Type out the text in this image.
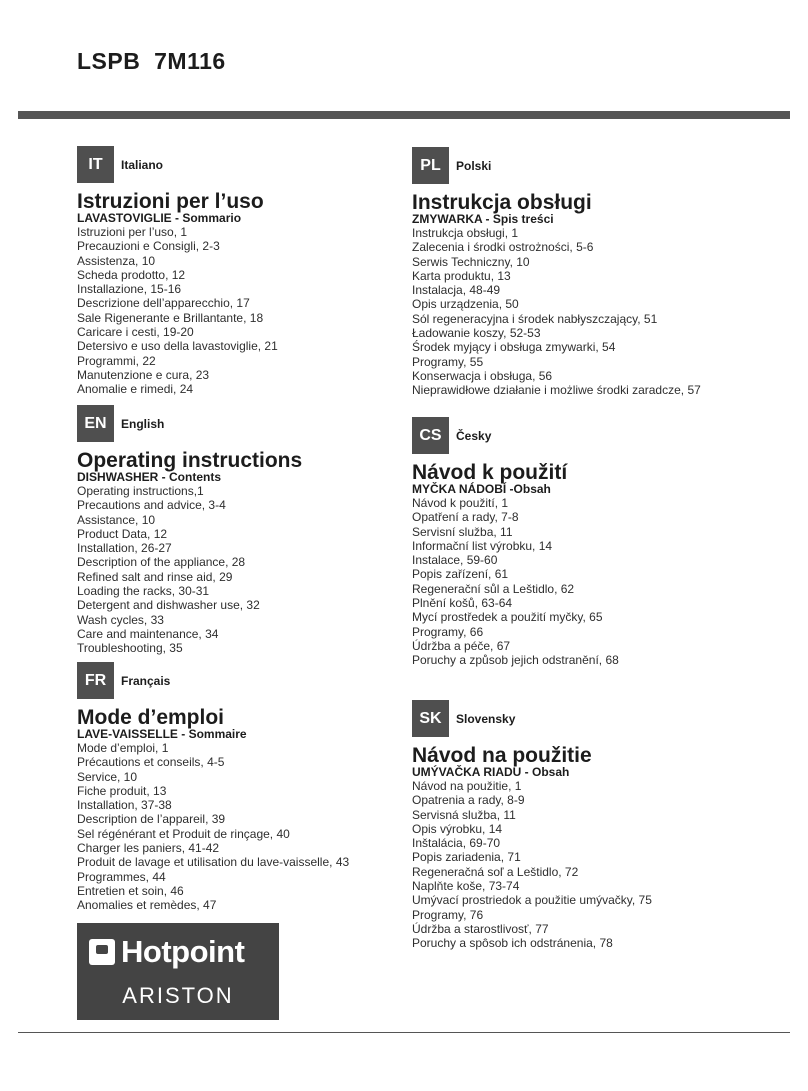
LSPB  7M116
IT	Italiano
Istruzioni per l’uso
LAVASTOVIGLIE - Sommario
Istruzioni per l’uso, 1
Precauzioni e Consigli, 2-3
Assistenza, 10
Scheda prodotto, 12
Installazione, 15-16
Descrizione dell’apparecchio, 17
Sale Rigenerante e Brillantante, 18
Caricare i cesti, 19-20
Detersivo e uso della lavastoviglie, 21
Programmi, 22
Manutenzione e cura, 23
Anomalie e rimedi, 24
EN	English
Operating instructions
DISHWASHER - Contents
Operating instructions,1
Precautions and advice, 3-4
Assistance, 10
Product Data, 12
Installation, 26-27
Description of the appliance, 28
Refined salt and rinse aid, 29
Loading the racks, 30-31
Detergent and dishwasher use, 32
Wash cycles, 33
Care and maintenance, 34
Troubleshooting, 35
FR	Français
Mode d’emploi
LAVE-VAISSELLE - Sommaire
Mode d’emploi, 1
Précautions et conseils, 4-5
Service, 10
Fiche produit, 13
Installation, 37-38
Description de l’appareil, 39
Sel régénérant et Produit de rinçage, 40
Charger les paniers, 41-42
Produit de lavage et utilisation du lave-vaisselle, 43
Programmes, 44
Entretien et soin, 46
Anomalies et remèdes, 47
PL	Polski
Instrukcja obsługi
ZMYWARKA - Spis treści
Instrukcja obsługi, 1
Zalecenia i środki ostrożności, 5-6
Serwis Techniczny, 10
Karta produktu, 13
Instalacja, 48-49
Opis urządzenia, 50
Sól regeneracyjna i środek nabłyszczający, 51
Ładowanie koszy, 52-53
Środek myjący i obsługa zmywarki, 54
Programy, 55
Konserwacja i obsługa, 56
Nieprawidłowe działanie i możliwe środki zaradcze, 57
CS	Česky
Návod k použití
MYČKA NÁDOBÍ -Obsah
Návod k použití, 1
Opatření a rady, 7-8
Servisní služba, 11
Informační list výrobku, 14
Instalace, 59-60
Popis zařízení, 61
Regenerační sůl a Leštidlo, 62
Plnění košů, 63-64
Mycí prostředek a použití myčky, 65
Programy, 66
Údržba a péče, 67
Poruchy a způsob jejich odstranění, 68
SK	Slovensky
Návod na použitie
UMÝVAČKA RIADU - Obsah
Návod na použitie, 1
Opatrenia a rady, 8-9
Servisná služba, 11
Opis výrobku, 14
Inštalácia, 69-70
Popis zariadenia, 71
Regeneračná soľ a Leštidlo, 72
Naplňte koše, 73-74
Umývací prostriedok a použitie umývačky, 75
Programy, 76
Údržba a starostlivosť, 77
Poruchy a spôsob ich odstránenia, 78
Hotpoint
ARISTON
